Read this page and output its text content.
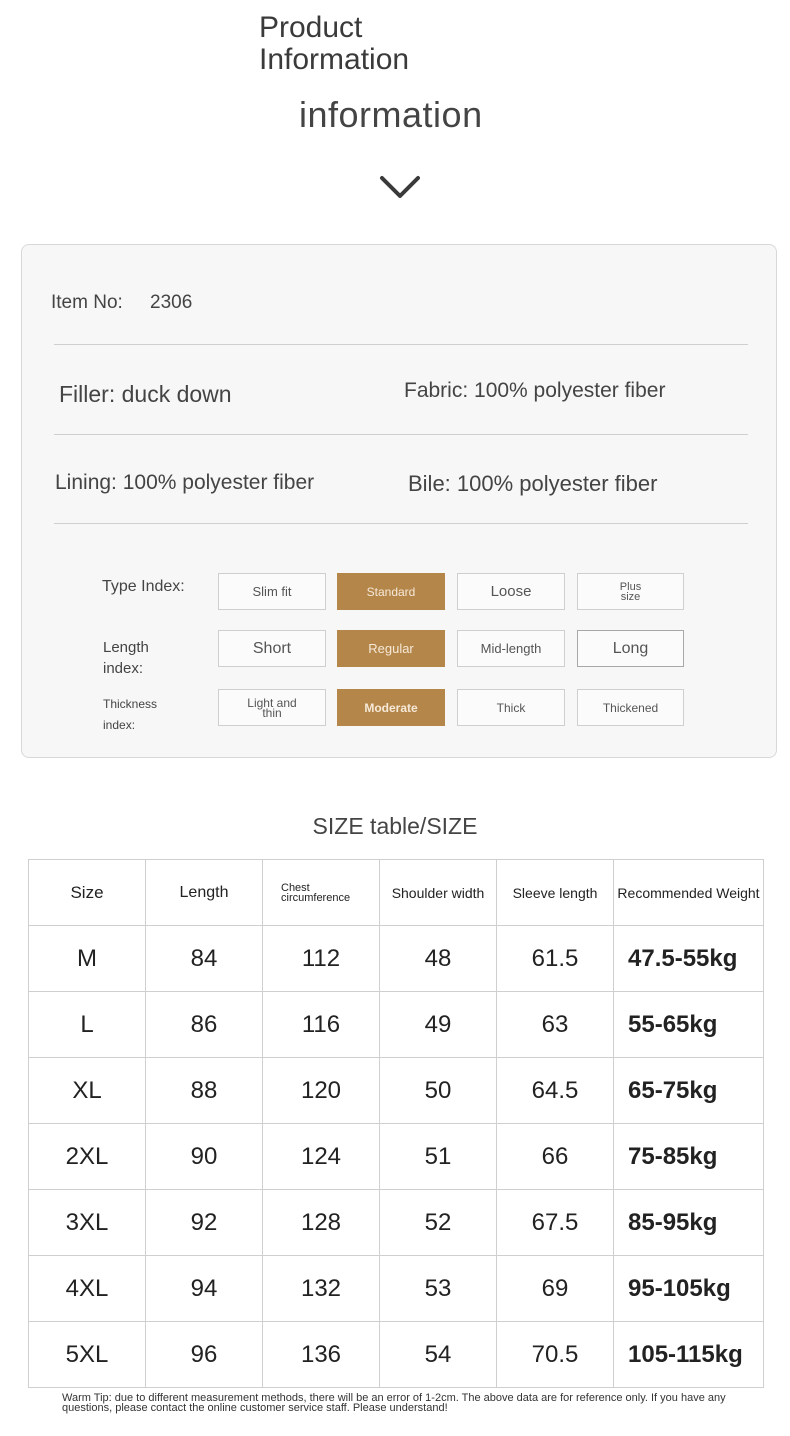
Product
Information
information
Item No: 2306
Filler: duck down	Fabric: 100% polyester fiber
Lining: 100% polyester fiber	Bile: 100% polyester fiber
Type Index:	Slim fit	Standard	Loose	Plus size
Length
index:
Short	Regular	Mid-length	Long
Thickness
index:
Light and thin	Moderate	Thick	Thickened
SIZE table/SIZE
Size	Length	Chest circumference	Shoulder width	Sleeve length	Recommended Weight
M	84	112	48	61.5	47.5-55kg
L	86	116	49	63	55-65kg
XL	88	120	50	64.5	65-75kg
2XL	90	124	51	66	75-85kg
3XL	92	128	52	67.5	85-95kg
4XL	94	132	53	69	95-105kg
5XL	96	136	54	70.5	105-115kg
Warm Tip: due to different measurement methods, there will be an error of 1-2cm. The above data are for reference only. If you have any questions, please contact the online customer service staff. Please understand!
